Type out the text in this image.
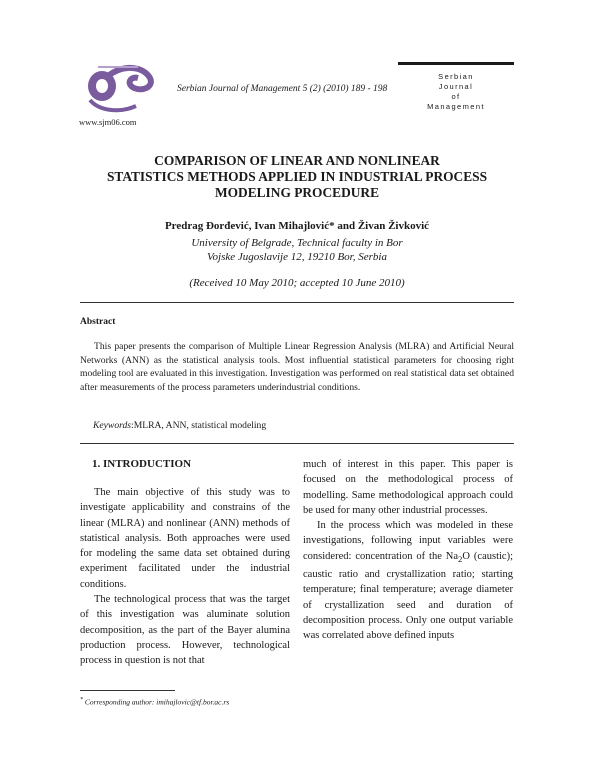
www.sjm06.com
Serbian Journal of Management 5 (2) (2010) 189 - 198
Serbian
Journal
of
Management
COMPARISON OF LINEAR AND NONLINEAR
STATISTICS METHODS APPLIED IN INDUSTRIAL PROCESS
MODELING PROCEDURE
Predrag Đorđević, Ivan Mihajlović* and Živan Živković
University of Belgrade, Technical faculty in Bor
Vojske Jugoslavije 12, 19210 Bor, Serbia
(Received 10 May 2010; accepted 10 June 2010)
Abstract
This paper presents the comparison of Multiple Linear Regression Analysis (MLRA) and Artificial Neural Networks (ANN) as the statistical analysis tools. Most influential statistical parameters for choosing right modeling tool are evaluated in this investigation. Investigation was performed on real statistical data set obtained after measurements of the process parameters underindustrial conditions.
Keywords:MLRA, ANN, statistical modeling
1. INTRODUCTION

The main objective of this study was to investigate applicability and constrains of the linear (MLRA) and nonlinear (ANN) methods of statistical analysis. Both approaches were used for modeling the same data set obtained during experiment facilitated under the industrial conditions.

The technological process that was the target of this investigation was aluminate solution decomposition, as the part of the Bayer alumina production process. However, technological process in question is not that

much of interest in this paper. This paper is focused on the methodological process of modelling. Same methodological approach could be used for many other industrial processes.

In the process which was modeled in these investigations, following input variables were considered: concentration of the $Na_2O$ (caustic); caustic ratio and crystallization ratio; starting temperature; final temperature; average diameter of crystallization seed and duration of decomposition process. Only one output variable was correlated above defined inputs

* Corresponding author: imihajlovic@tf.bor.ac.rs
